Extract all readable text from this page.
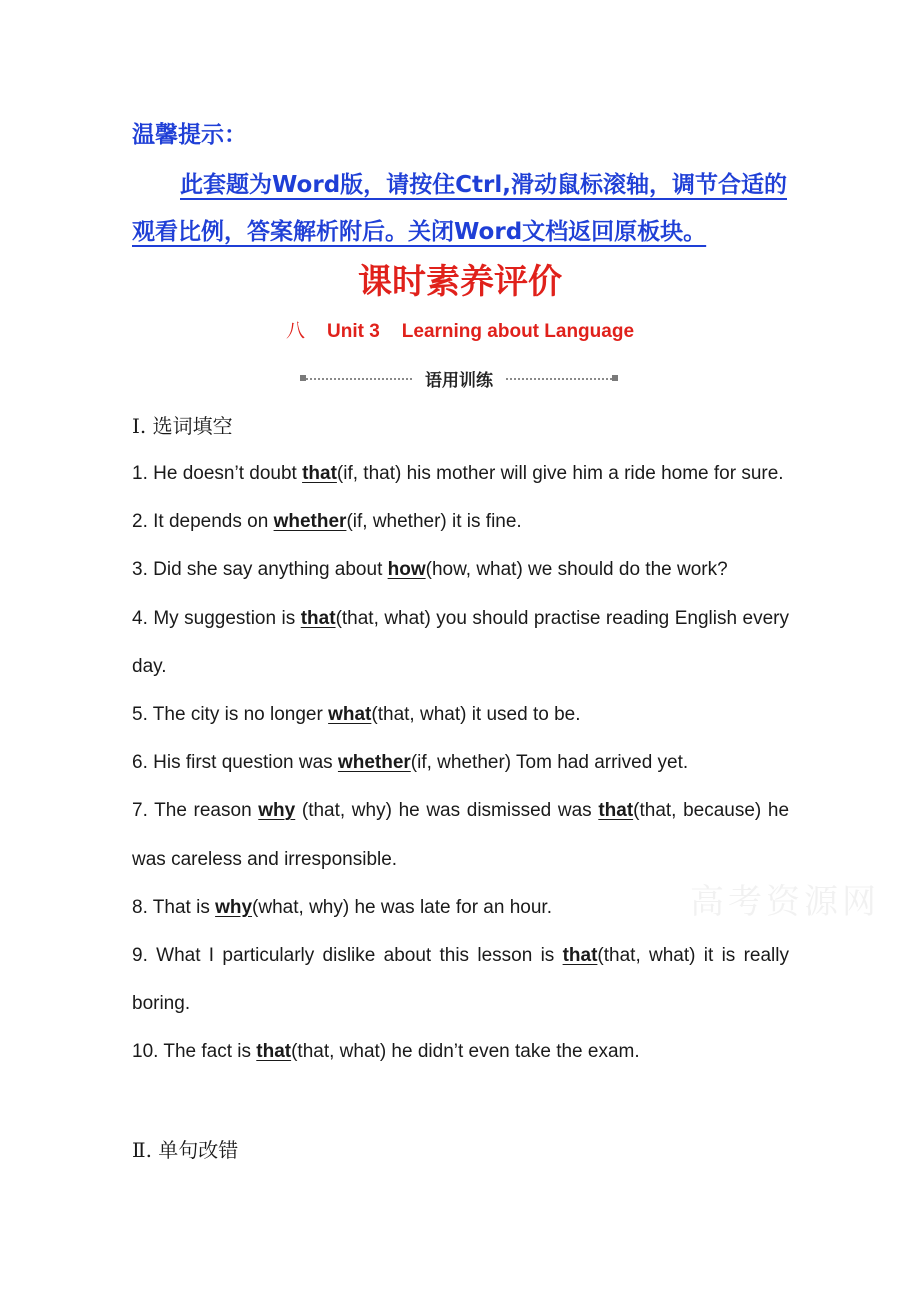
温馨提示：
此套题为Word版，请按住Ctrl,滑动鼠标滚轴，调节合适的观看比例，答案解析附后。关闭Word文档返回原板块。
课时素养评价
八 Unit 3 Learning about Language
语用训练
Ⅰ. 选词填空

1. He doesn’t doubt that(if, that) his mother will give him a ride home for sure.

2. It depends on whether(if, whether) it is fine.

3. Did she say anything about how(how, what) we should do the work?

4. My suggestion is that(that, what) you should practise reading English every day.

5. The city is no longer what(that, what) it used to be.

6. His first question was whether(if, whether) Tom had arrived yet.

7. The reason why (that, why) he was dismissed was that(that, because) he was careless and irresponsible.

8. That is why(what, why) he was late for an hour.

9. What I particularly dislike about this lesson is that(that, what) it is really boring.

10. The fact is that(that, what) he didn’t even take the exam.

Ⅱ. 单句改错
高考资源网
